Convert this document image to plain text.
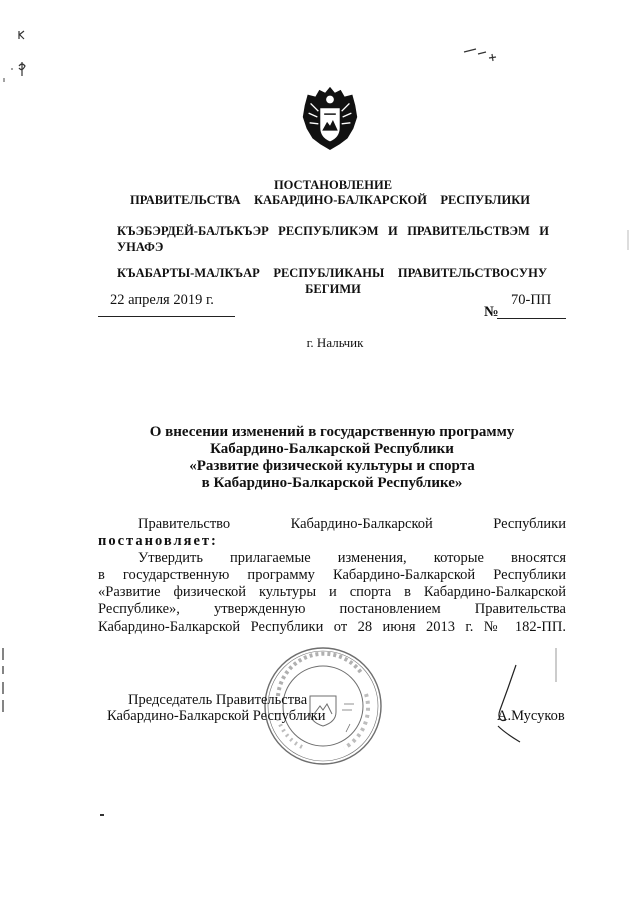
ПОСТАНОВЛЕНИЕ
ПРАВИТЕЛЬСТВА КАБАРДИНО-БАЛКАРСКОЙ РЕСПУБЛИКИ
КЪЭБЭРДЕЙ-БАЛЪКЪЭР РЕСПУБЛИКЭМ И ПРАВИТЕЛЬСТВЭМ И
УНАФЭ
КЪАБАРТЫ-МАЛКЪАР РЕСПУБЛИКАНЫ ПРАВИТЕЛЬСТВОСУНУ
БЕГИМИ
22 апреля 2019 г.
№
70-ПП
г. Нальчик
О внесении изменений в государственную программу
Кабардино-Балкарской Республики
«Развитие физической культуры и спорта
в Кабардино-Балкарской Республике»
Правительство Кабардино-Балкарской Республики
постановляет:
Утвердить прилагаемые изменения, которые вносятся
в государственную программу Кабардино-Балкарской Республики
«Развитие физической культуры и спорта в Кабардино-Балкарской
Республике», утвержденную постановлением Правительства
Кабардино-Балкарской Республики от 28 июня 2013 г. № 182-ПП.
Председатель Правительства
Кабардино-Балкарской Республики	А.Мусуков
